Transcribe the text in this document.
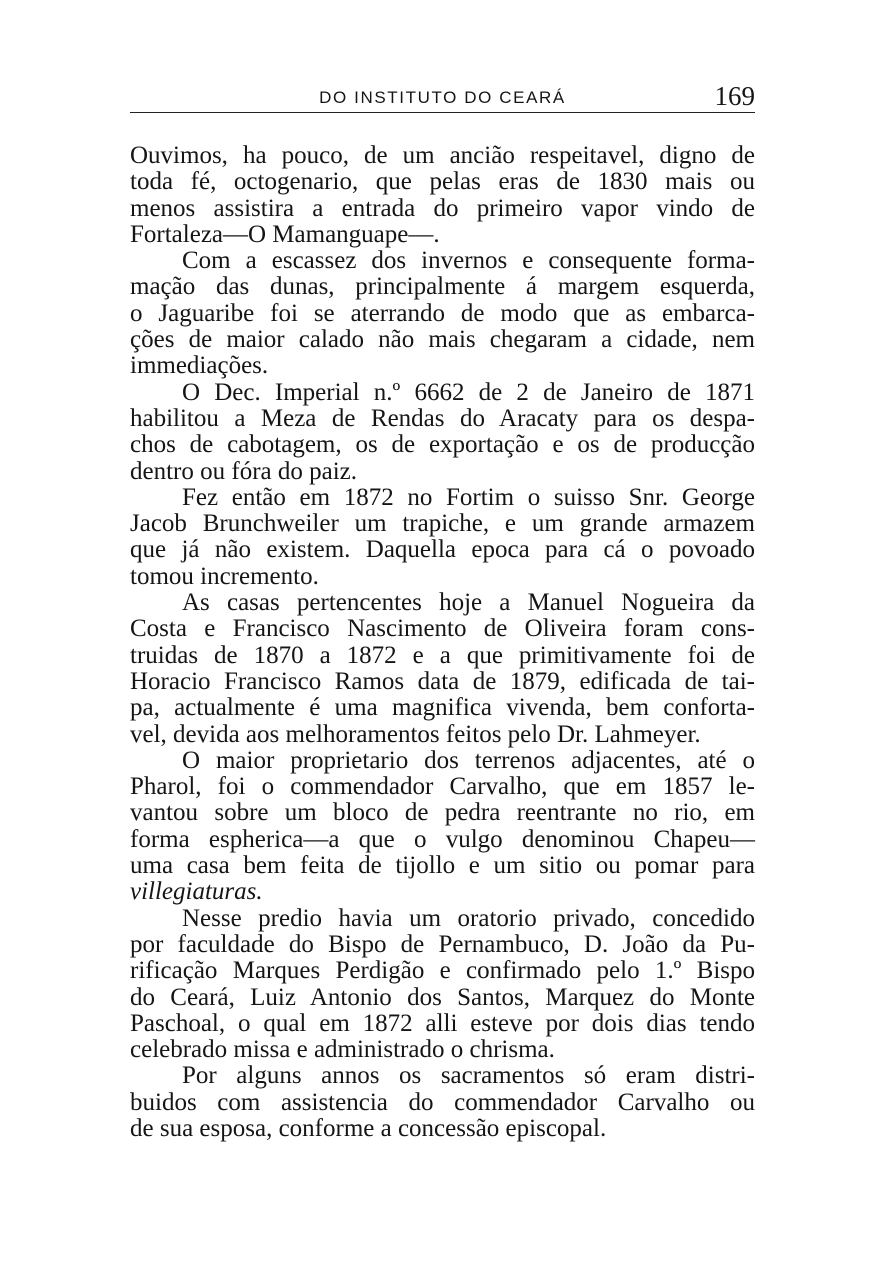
DO INSTITUTO DO CEARÁ	169
Ouvimos, ha pouco, de um ancião respeitavel, digno de
toda fé, octogenario, que pelas eras de 1830 mais ou
menos assistira a entrada do primeiro vapor vindo de
Fortaleza—O Mamanguape—.
Com a escassez dos invernos e consequente forma-
mação das dunas, principalmente á margem esquerda,
o Jaguaribe foi se aterrando de modo que as embarca-
ções de maior calado não mais chegaram a cidade, nem
immediações.
O Dec. Imperial n.º 6662 de 2 de Janeiro de 1871
habilitou a Meza de Rendas do Aracaty para os despa-
chos de cabotagem, os de exportação e os de producção
dentro ou fóra do paiz.
Fez então em 1872 no Fortim o suisso Snr. George
Jacob Brunchweiler um trapiche, e um grande armazem
que já não existem. Daquella epoca para cá o povoado
tomou incremento.
As casas pertencentes hoje a Manuel Nogueira da
Costa e Francisco Nascimento de Oliveira foram cons-
truidas de 1870 a 1872 e a que primitivamente foi de
Horacio Francisco Ramos data de 1879, edificada de tai-
pa, actualmente é uma magnifica vivenda, bem conforta-
vel, devida aos melhoramentos feitos pelo Dr. Lahmeyer.
O maior proprietario dos terrenos adjacentes, até o
Pharol, foi o commendador Carvalho, que em 1857 le-
vantou sobre um bloco de pedra reentrante no rio, em
forma espherica—a que o vulgo denominou Chapeu—
uma casa bem feita de tijollo e um sitio ou pomar para
villegiaturas.
Nesse predio havia um oratorio privado, concedido
por faculdade do Bispo de Pernambuco, D. João da Pu-
rificação Marques Perdigão e confirmado pelo 1.º Bispo
do Ceará, Luiz Antonio dos Santos, Marquez do Monte
Paschoal, o qual em 1872 alli esteve por dois dias tendo
celebrado missa e administrado o chrisma.
Por alguns annos os sacramentos só eram distri-
buidos com assistencia do commendador Carvalho ou
de sua esposa, conforme a concessão episcopal.
